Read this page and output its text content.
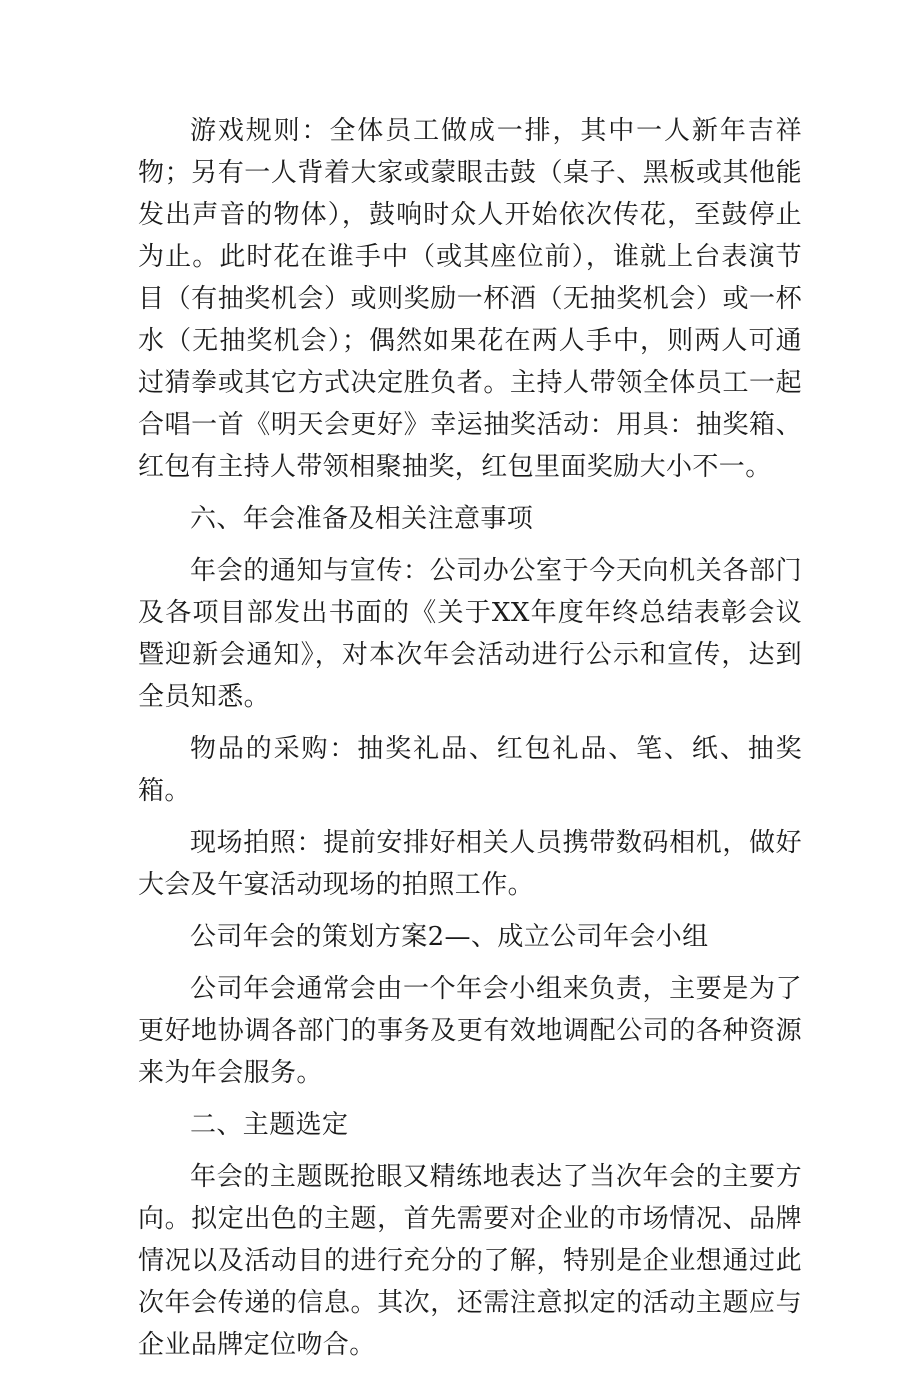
游戏规则：全体员工做成一排，其中一人新年吉祥物；另有一人背着大家或蒙眼击鼓（桌子、黑板或其他能发出声音的物体），鼓响时众人开始依次传花，至鼓停止为止。此时花在谁手中（或其座位前），谁就上台表演节目（有抽奖机会）或则奖励一杯酒（无抽奖机会）或一杯水（无抽奖机会）；偶然如果花在两人手中，则两人可通过猜拳或其它方式决定胜负者。主持人带领全体员工一起合唱一首《明天会更好》幸运抽奖活动：用具：抽奖箱、红包有主持人带领相聚抽奖，红包里面奖励大小不一。

六、年会准备及相关注意事项

年会的通知与宣传：公司办公室于今天向机关各部门及各项目部发出书面的《关于XX年度年终总结表彰会议暨迎新会通知》，对本次年会活动进行公示和宣传，达到全员知悉。

物品的采购：抽奖礼品、红包礼品、笔、纸、抽奖箱。

现场拍照：提前安排好相关人员携带数码相机，做好大会及午宴活动现场的拍照工作。

公司年会的策划方案2—、成立公司年会小组

公司年会通常会由一个年会小组来负责，主要是为了更好地协调各部门的事务及更有效地调配公司的各种资源来为年会服务。

二、主题选定

年会的主题既抢眼又精练地表达了当次年会的主要方向。拟定出色的主题，首先需要对企业的市场情况、品牌情况以及活动目的进行充分的了解，特别是企业想通过此次年会传递的信息。其次，还需注意拟定的活动主题应与企业品牌定位吻合。
